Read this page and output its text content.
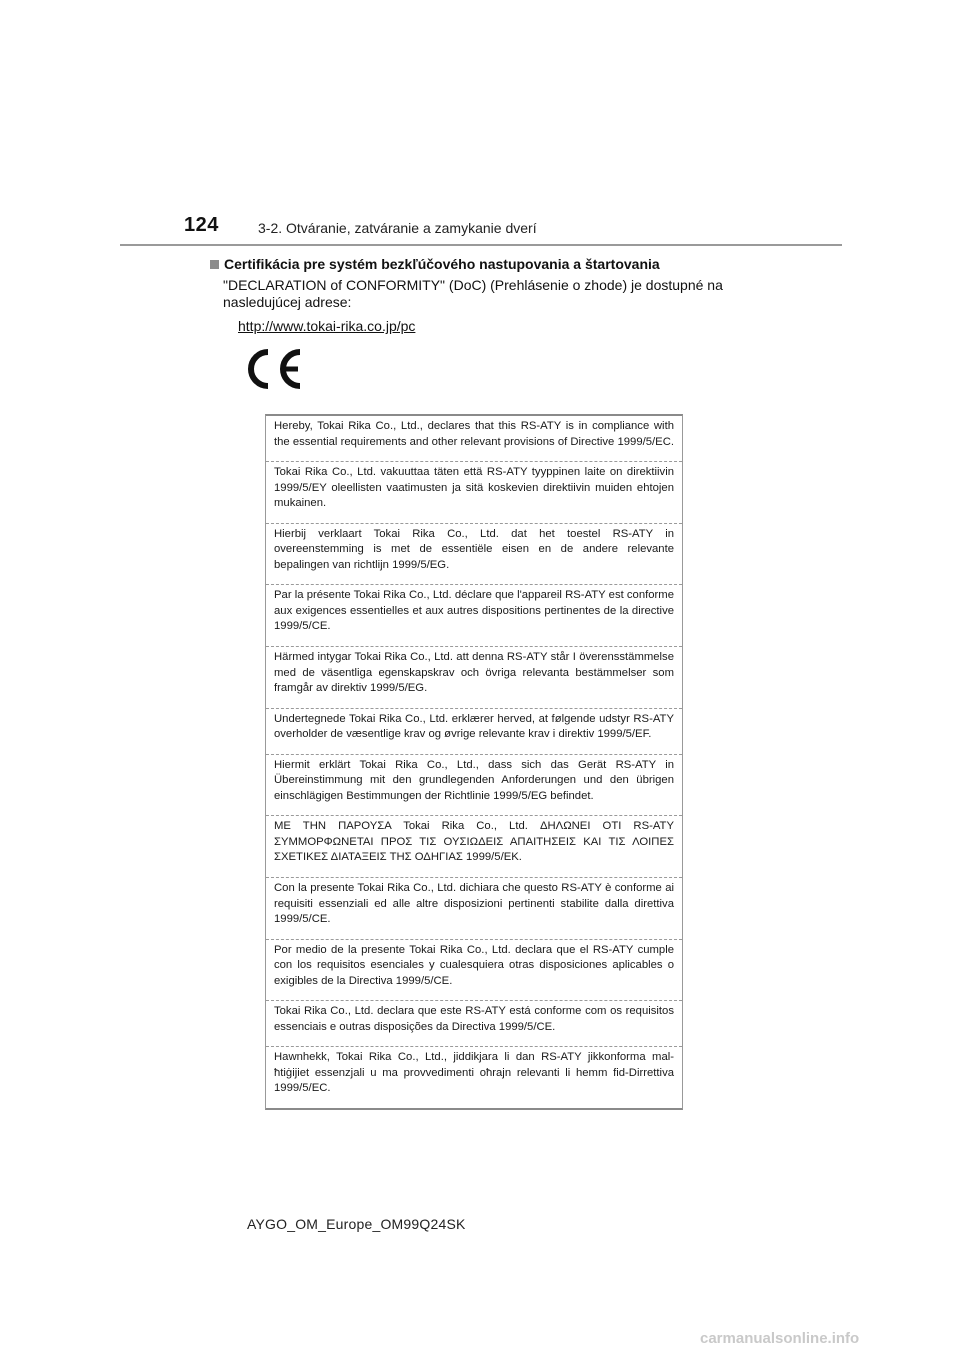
124	3-2. Otváranie, zatváranie a zamykanie dverí
Certifikácia pre systém bezkľúčového nastupovania a štartovania
"DECLARATION of CONFORMITY" (DoC) (Prehlásenie o zhode) je dostupné na nasledujúcej adrese:
http://www.tokai-rika.co.jp/pc
Hereby, Tokai Rika Co., Ltd., declares that this RS-ATY is in compliance with the essential requirements and other relevant provisions of Directive 1999/5/EC.
Tokai Rika Co., Ltd. vakuuttaa täten että RS-ATY tyyppinen laite on direktiivin 1999/5/EY oleellisten vaatimusten ja sitä koskevien direktiivin muiden ehtojen mukainen.
Hierbij verklaart Tokai Rika Co., Ltd. dat het toestel RS-ATY in overeenstemming is met de essentiële eisen en de andere relevante bepalingen van richtlijn 1999/5/EG.
Par la présente Tokai Rika Co., Ltd. déclare que l'appareil RS-ATY est conforme aux exigences essentielles et aux autres dispositions pertinentes de la directive 1999/5/CE.
Härmed intygar Tokai Rika Co., Ltd. att denna RS-ATY står I överensstämmelse med de väsentliga egenskapskrav och övriga relevanta bestämmelser som framgår av direktiv 1999/5/EG.
Undertegnede Tokai Rika Co., Ltd. erklærer herved, at følgende udstyr RS-ATY overholder de væsentlige krav og øvrige relevante krav i direktiv 1999/5/EF.
Hiermit erklärt Tokai Rika Co., Ltd., dass sich das Gerät RS-ATY in Übereinstimmung mit den grundlegenden Anforderungen und den übrigen einschlägigen Bestimmungen der Richtlinie 1999/5/EG befindet.
ΜΕ ΤΗΝ ΠΑΡΟΥΣΑ Tokai Rika Co., Ltd. ΔΗΛΩΝΕΙ ΟΤΙ RS-ATY ΣΥΜΜΟΡΦΩΝΕΤΑΙ ΠΡΟΣ ΤΙΣ ΟΥΣΙΩΔΕΙΣ ΑΠΑΙΤΗΣΕΙΣ ΚΑΙ ΤΙΣ ΛΟΙΠΕΣ ΣΧΕΤΙΚΕΣ ΔΙΑΤΑΞΕΙΣ ΤΗΣ ΟΔΗΓΙΑΣ 1999/5/ΕΚ.
Con la presente Tokai Rika Co., Ltd. dichiara che questo RS-ATY è conforme ai requisiti essenziali ed alle altre disposizioni pertinenti stabilite dalla direttiva 1999/5/CE.
Por medio de la presente Tokai Rika Co., Ltd. declara que el RS-ATY cumple con los requisitos esenciales y cualesquiera otras disposiciones aplicables o exigibles de la Directiva 1999/5/CE.
Tokai Rika Co., Ltd. declara que este RS-ATY está conforme com os requisitos essenciais e outras disposições da Directiva 1999/5/CE.
Hawnhekk, Tokai Rika Co., Ltd., jiddikjara li dan RS-ATY jikkonforma mal-ħtiġijiet essenzjali u ma provvedimenti oħrajn relevanti li hemm fid-Dirrettiva 1999/5/EC.
AYGO_OM_Europe_OM99Q24SK
carmanualsonline.info
